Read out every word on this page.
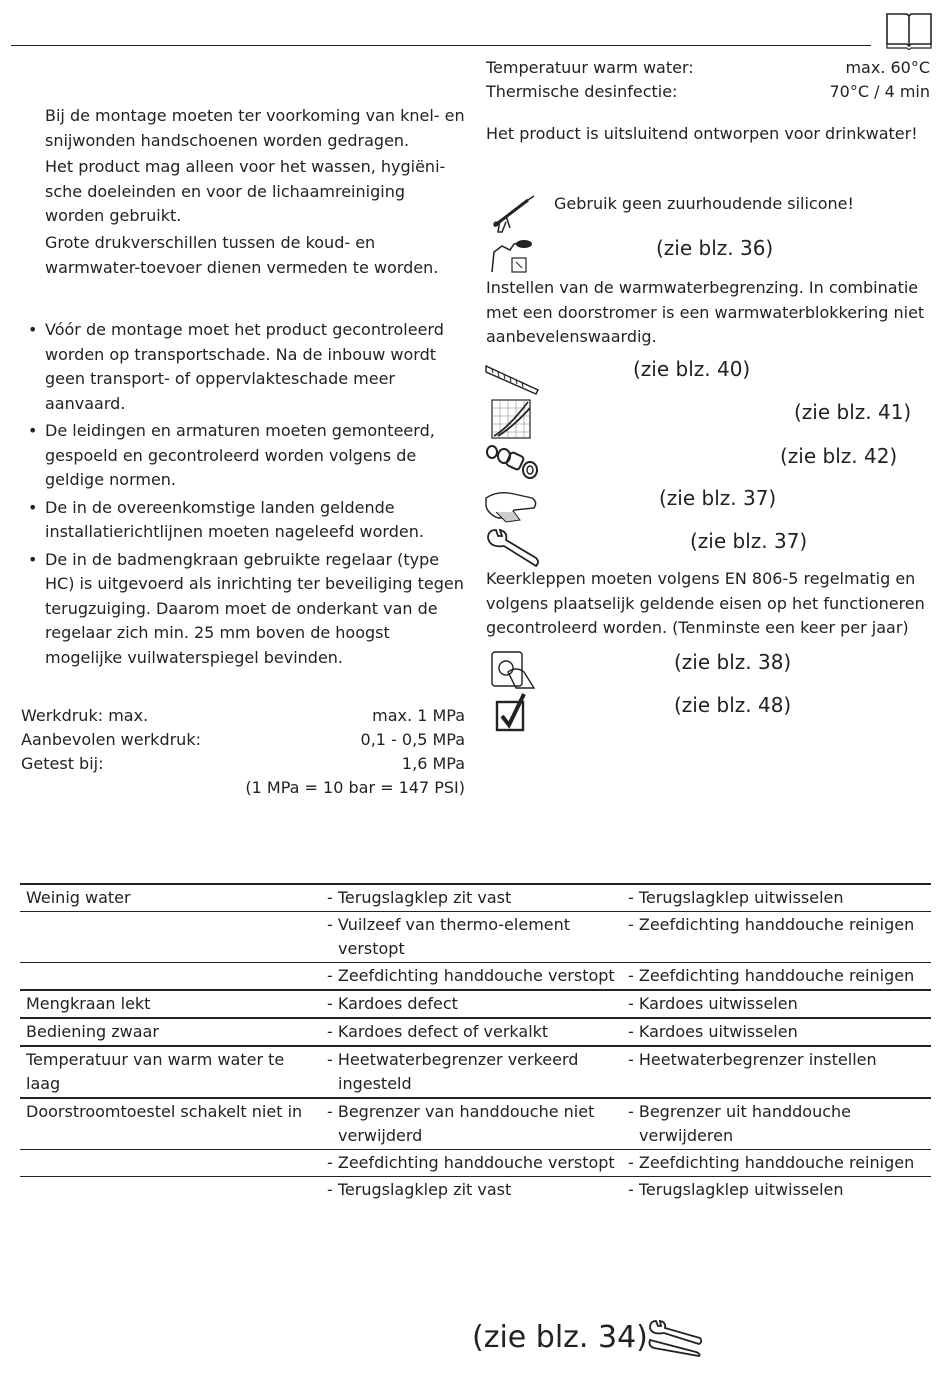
Bij de montage moeten ter voorkoming van knel- en snijwonden handschoenen worden gedragen.

Het product mag alleen voor het wassen, hygiëni-sche doeleinden en voor de lichaamreiniging worden gebruikt.

Grote drukverschillen tussen de koud- en warmwater-toevoer dienen vermeden te worden.

• Vóór de montage moet het product gecontroleerd worden op transportschade. Na de inbouw wordt geen transport- of oppervlakteschade meer aanvaard.
• De leidingen en armaturen moeten gemonteerd, gespoeld en gecontroleerd worden volgens de geldige normen.
• De in de overeenkomstige landen geldende installatierichtlijnen moeten nageleefd worden.
• De in de badmengkraan gebruikte regelaar (type HC) is uitgevoerd als inrichting ter beveiliging tegen terugzuiging. Daarom moet de onderkant van de regelaar zich min. 25 mm boven de hoogst mogelijke vuilwaterspiegel bevinden.
Werkdruk: max.	max. 1 MPa
Aanbevolen werkdruk:	0,1 - 0,5 MPa
Getest bij:	1,6 MPa
(1 MPa = 10 bar = 147 PSI)
Temperatuur warm water:	max. 60°C
Thermische desinfectie:	70°C / 4 min
Het product is uitsluitend ontworpen voor drinkwater!
Gebruik geen zuurhoudende silicone!
(zie blz. 36)
Instellen van de warmwaterbegrenzing. In combinatie met een doorstromer is een warmwaterblokkering niet aanbevelenswaardig.
(zie blz. 40)
(zie blz. 41)
(zie blz. 42)
(zie blz. 37)
(zie blz. 37)
Keerkleppen moeten volgens EN 806-5 regelmatig en volgens plaatselijk geldende eisen op het functioneren gecontroleerd worden. (Tenminste een keer per jaar)
(zie blz. 38)
(zie blz. 48)
Weinig water	- Terugslagklep zit vast	- Terugslagklep uitwisselen

	- Vuilzeef van thermo-element verstopt	- Zeefdichting handdouche reinigen

	- Zeefdichting handdouche verstopt	- Zeefdichting handdouche reinigen

Mengkraan lekt	- Kardoes defect	- Kardoes uitwisselen

Bediening zwaar	- Kardoes defect of verkalkt	- Kardoes uitwisselen

Temperatuur van warm water te laag	- Heetwaterbegrenzer verkeerd ingesteld	- Heetwaterbegrenzer instellen

Doorstroomtoestel schakelt niet in	- Begrenzer van handdouche niet verwijderd	- Begrenzer uit handdouche verwijderen

	- Zeefdichting handdouche verstopt	- Zeefdichting handdouche reinigen

	- Terugslagklep zit vast	- Terugslagklep uitwisselen
(zie blz. 34)
